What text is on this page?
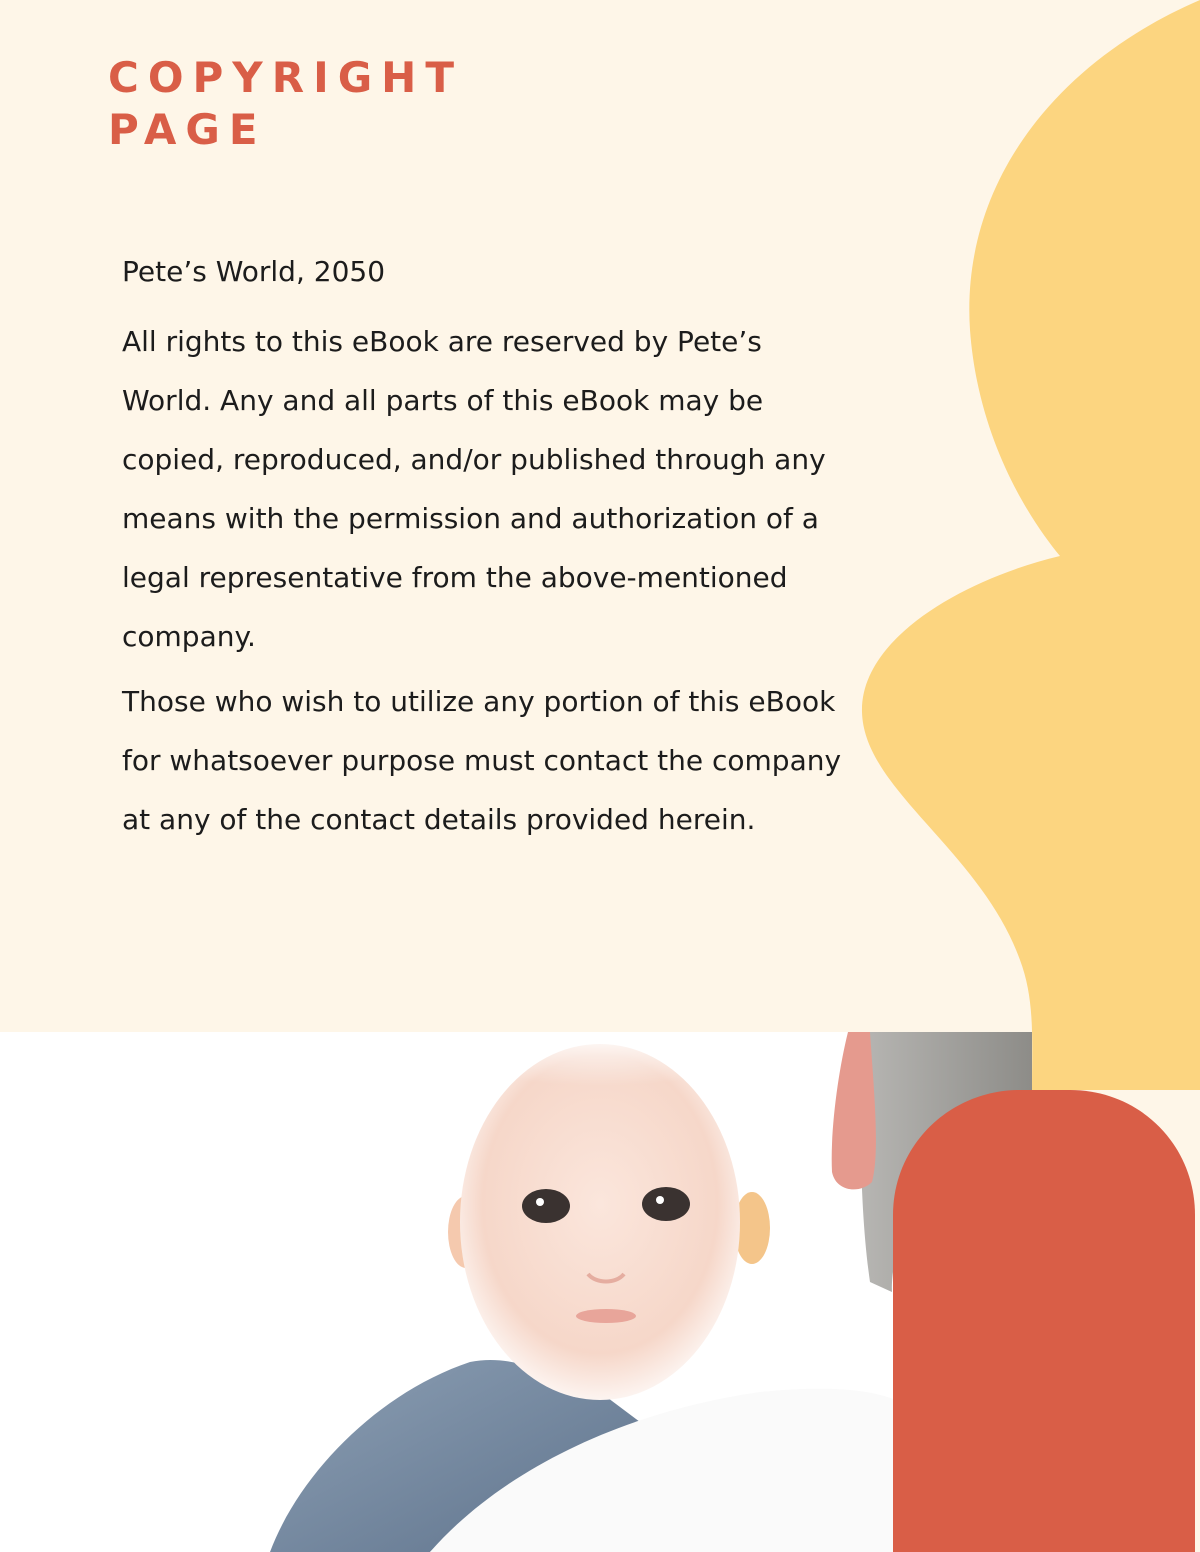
COPYRIGHT
PAGE

Pete’s World, 2050

All rights to this eBook are reserved by Pete’s World. Any and all parts of this eBook may be copied, reproduced, and/or published through any means with the permission and authorization of a legal representative from the above-mentioned company.

Those who wish to utilize any portion of this eBook for whatsoever purpose must contact the company at any of the contact details provided herein.
